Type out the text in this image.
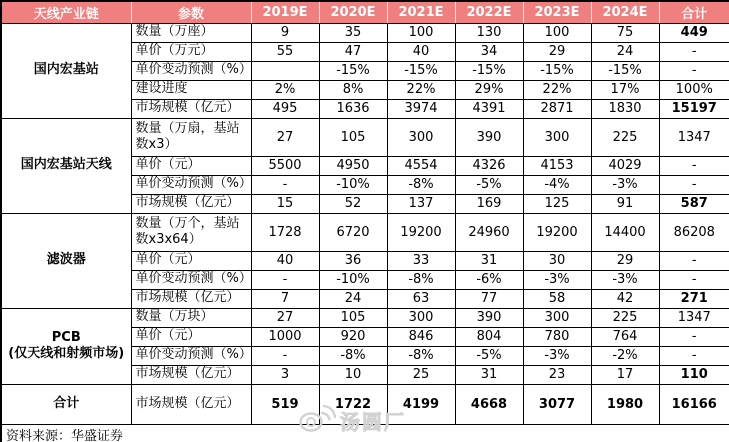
天线产业链	参数	2019E	2020E	2021E	2022E	2023E	2024E	合计
国内宏基站	数量（万座）	9	35	100	130	100	75	449
	单价（万元）	55	47	40	34	29	24	-
	单价变动预测（%）		-15%	-15%	-15%	-15%	-15%	-
	建设进度	2%	8%	22%	29%	22%	17%	100%
	市场规模（亿元）	495	1636	3974	4391	2871	1830	15197
国内宏基站天线	数量（万扇，基站数x3）	27	105	300	390	300	225	1347
	单价（元）	5500	4950	4554	4326	4153	4029	-
	单价变动预测（%）	-	-10%	-8%	-5%	-4%	-3%	-
	市场规模（亿元）	15	52	137	169	125	91	587
滤波器	数量（万个，基站数x3x64）	1728	6720	19200	24960	19200	14400	86208
	单价（元）	40	36	33	31	30	29	-
	单价变动预测（%）	-	-10%	-8%	-6%	-3%	-3%	-
	市场规模（亿元）	7	24	63	77	58	42	271

PCB
(仅天线和射频市场)	数量（万块）	27	105	300	390	300	225	1347
	单价（元）	1000	920	846	804	780	764	-
	单价变动预测（%）	-	-8%	-8%	-5%	-3%	-2%	-
	市场规模（亿元）	3	10	25	31	23	17	110
合计	市场规模（亿元）	519	1722	4199	4668	3077	1980	16166
资料来源：华盛证券								
